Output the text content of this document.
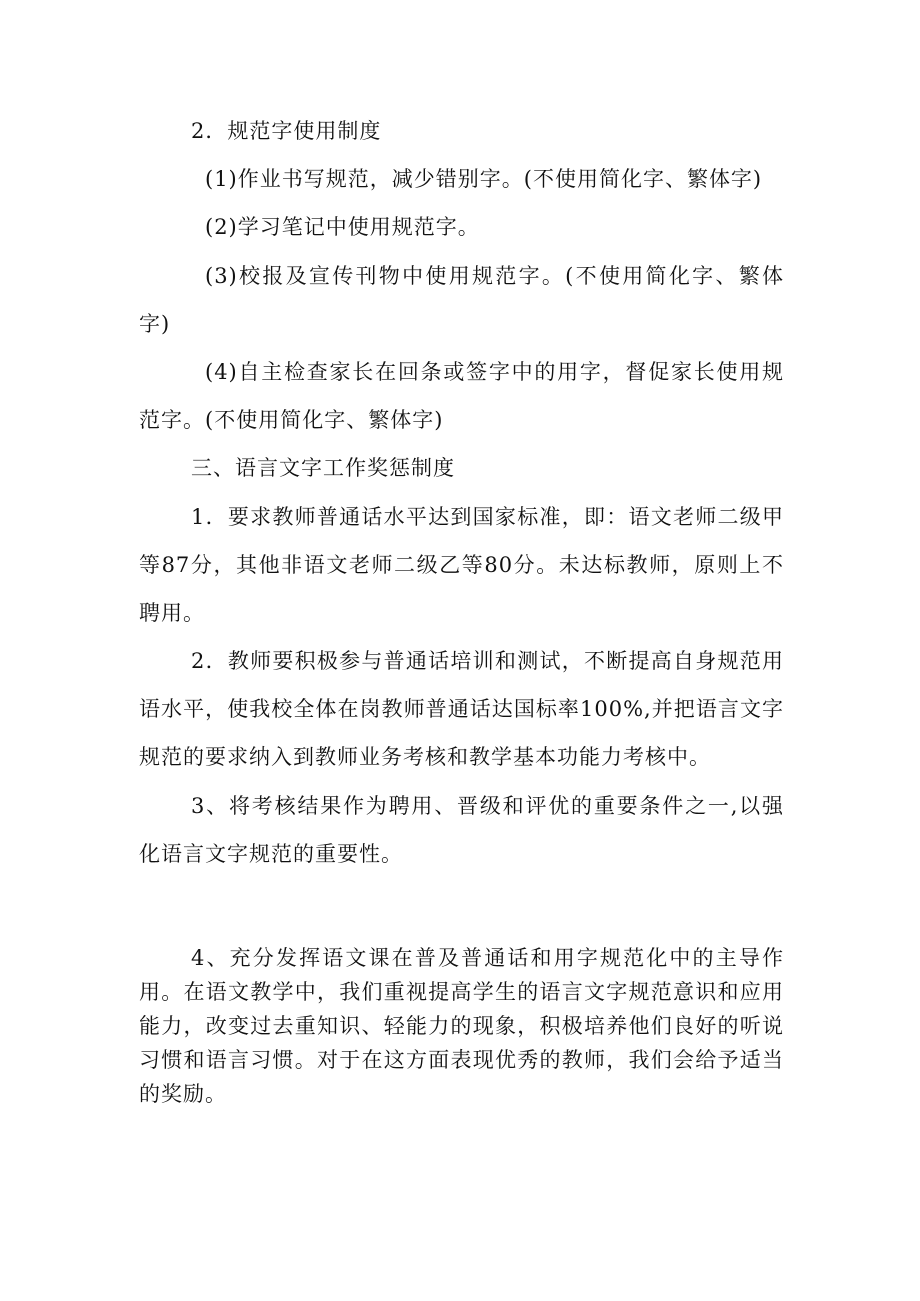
2．规范字使用制度

(1)作业书写规范，减少错别字。(不使用简化字、繁体字)

(2)学习笔记中使用规范字。

(3)校报及宣传刊物中使用规范字。(不使用简化字、繁体字)

(4)自主检查家长在回条或签字中的用字，督促家长使用规范字。(不使用简化字、繁体字)

三、语言文字工作奖惩制度

1．要求教师普通话水平达到国家标准，即：语文老师二级甲等87分，其他非语文老师二级乙等80分。未达标教师，原则上不聘用。

2．教师要积极参与普通话培训和测试，不断提高自身规范用语水平，使我校全体在岗教师普通话达国标率100%,并把语言文字规范的要求纳入到教师业务考核和教学基本功能力考核中。

3、将考核结果作为聘用、晋级和评优的重要条件之一,以强化语言文字规范的重要性。

4、充分发挥语文课在普及普通话和用字规范化中的主导作用。在语文教学中，我们重视提高学生的语言文字规范意识和应用能力，改变过去重知识、轻能力的现象，积极培养他们良好的听说习惯和语言习惯。对于在这方面表现优秀的教师，我们会给予适当的奖励。
